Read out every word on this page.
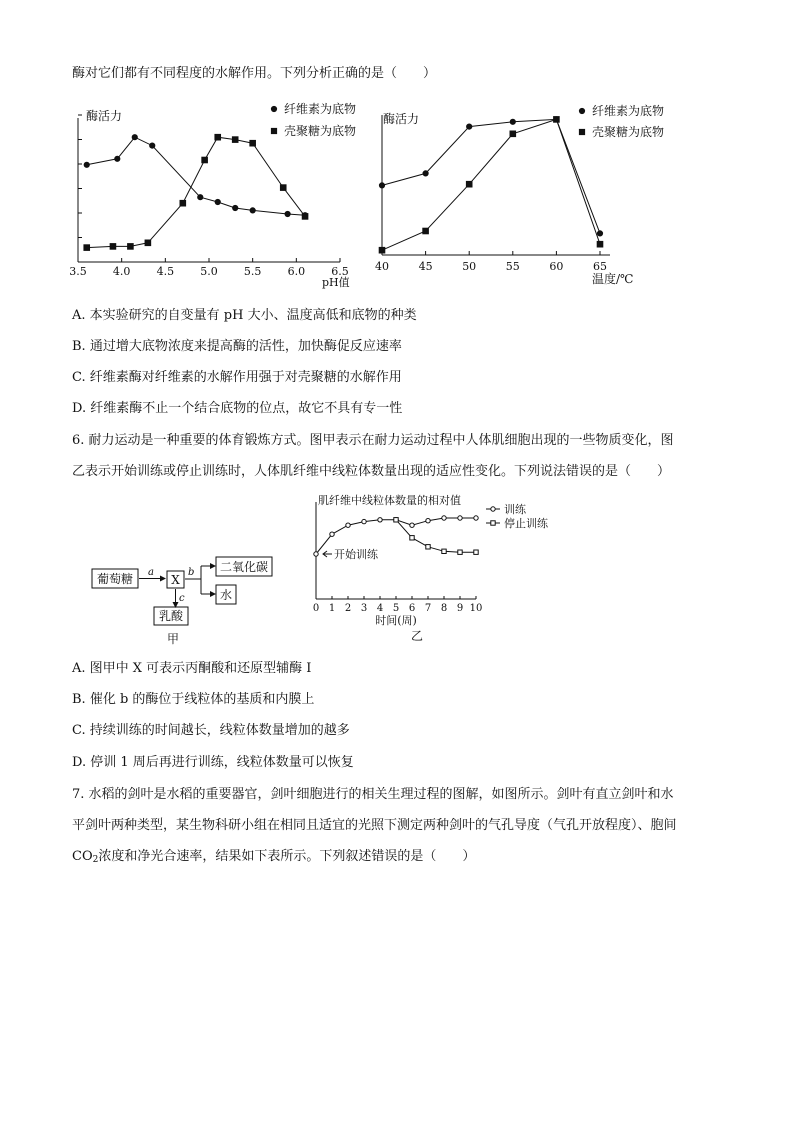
酶对它们都有不同程度的水解作用。下列分析正确的是（　　）
3.5 4.0 4.5 5.0 5.5 6.0 6.5
酶活力
pH值
纤维素为底物
壳聚糖为底物
40	45	50	55	60	65
酶活力
温度/℃
纤维素为底物
壳聚糖为底物
A. 本实验研究的自变量有 pH 大小、温度高低和底物的种类
B. 通过增大底物浓度来提高酶的活性，加快酶促反应速率
C. 纤维素酶对纤维素的水解作用强于对壳聚糖的水解作用
D. 纤维素酶不止一个结合底物的位点，故它不具有专一性
6. 耐力运动是一种重要的体育锻炼方式。图甲表示在耐力运动过程中人体肌细胞出现的一些物质变化，图
乙表示开始训练或停止训练时，人体肌纤维中线粒体数量出现的适应性变化。下列说法错误的是（　　）
葡萄糖 a
X
b 二氧化碳
水
c
乳酸
甲
0 1 2 3 4 5 6 7 8 9 10
肌纤维中线粒体数量的相对值
时间(周)
乙
训练
停止训练
开始训练
A. 图甲中 X 可表示丙酮酸和还原型辅酶 I
B. 催化 b 的酶位于线粒体的基质和内膜上
C. 持续训练的时间越长，线粒体数量增加的越多
D. 停训 1 周后再进行训练，线粒体数量可以恢复
7. 水稻的剑叶是水稻的重要器官，剑叶细胞进行的相关生理过程的图解，如图所示。剑叶有直立剑叶和水
平剑叶两种类型，某生物科研小组在相同且适宜的光照下测定两种剑叶的气孔导度（气孔开放程度）、胞间
$CO_2$浓度和净光合速率，结果如下表所示。下列叙述错误的是（　　）
